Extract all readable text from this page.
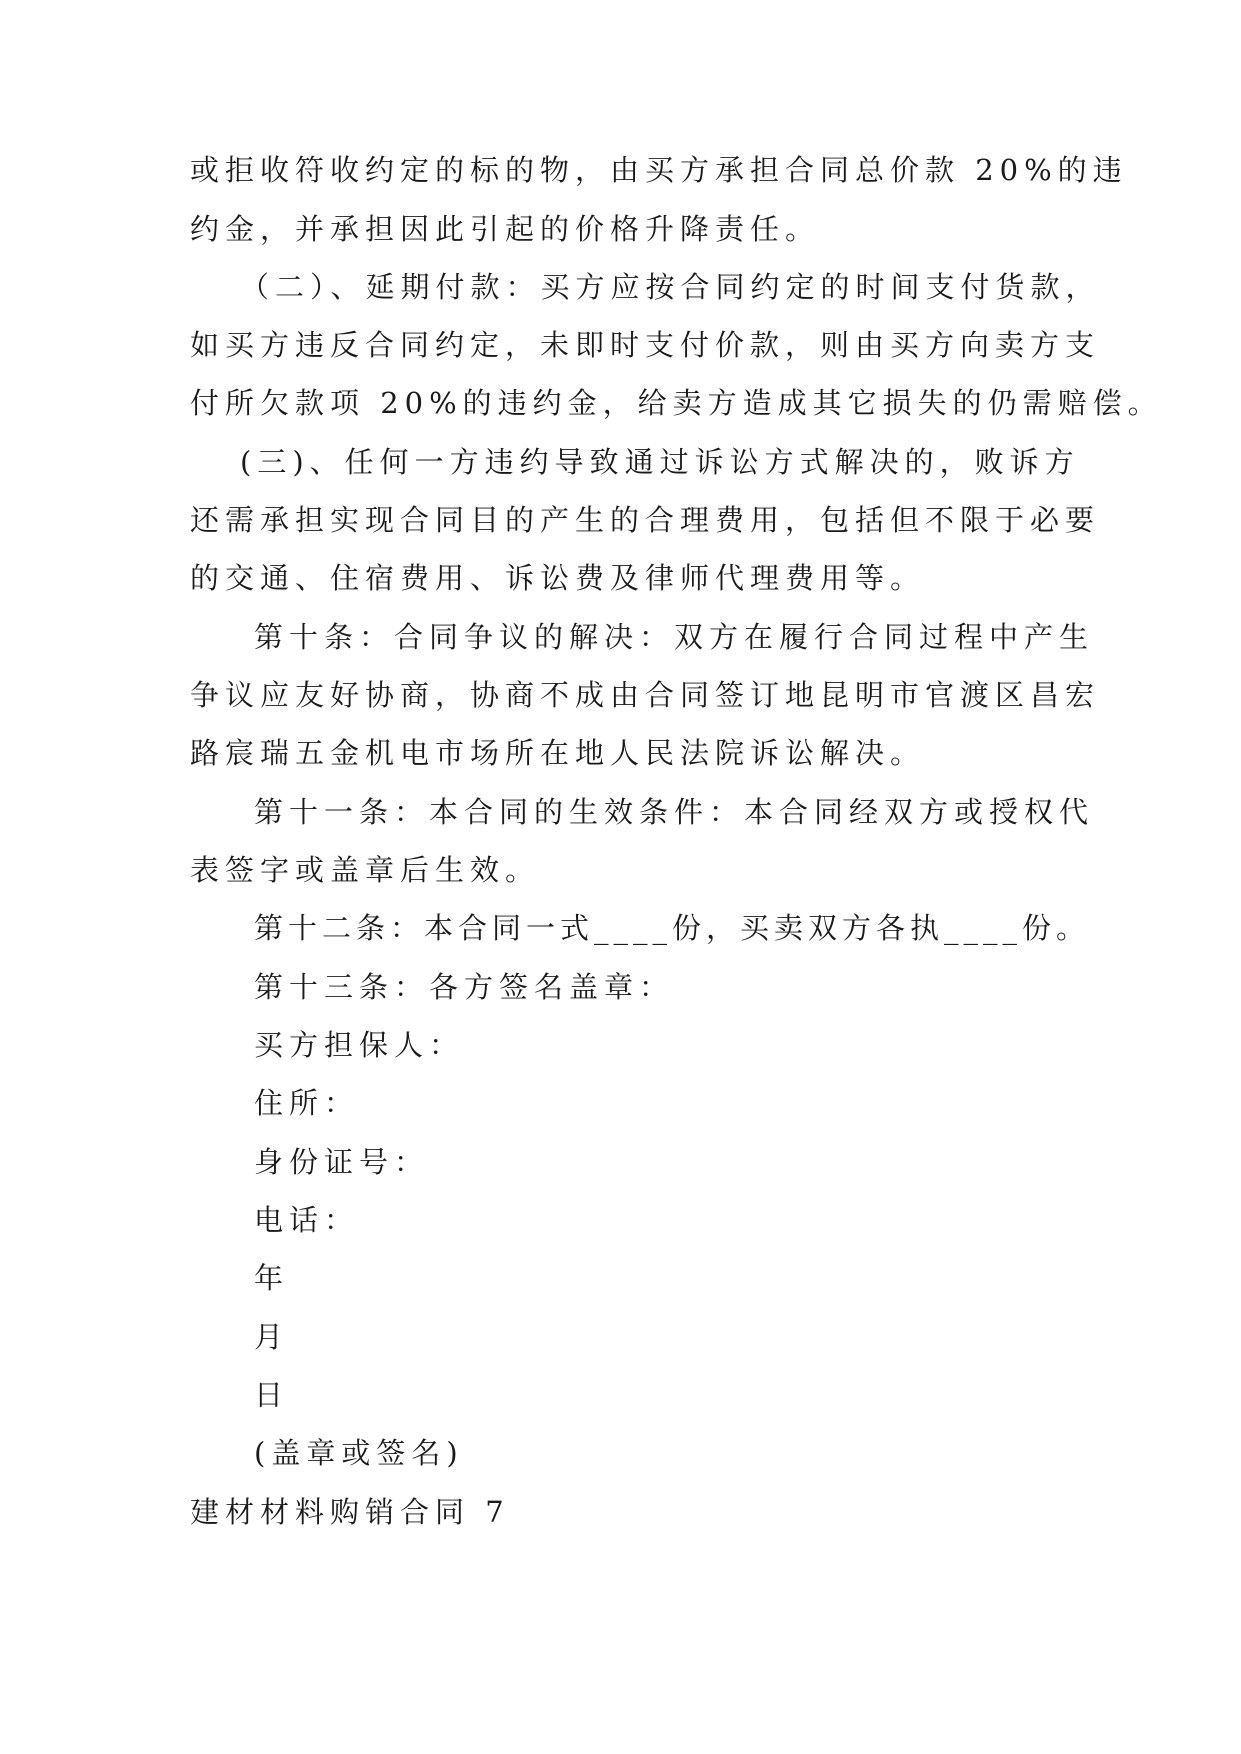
或拒收符收约定的标的物，由买方承担合同总价款 20%的违
约金，并承担因此引起的价格升降责任。
（二）、延期付款：买方应按合同约定的时间支付货款，
如买方违反合同约定，未即时支付价款，则由买方向卖方支
付所欠款项 20%的违约金，给卖方造成其它损失的仍需赔偿。
(三)、任何一方违约导致通过诉讼方式解决的，败诉方
还需承担实现合同目的产生的合理费用，包括但不限于必要
的交通、住宿费用、诉讼费及律师代理费用等。
第十条：合同争议的解决：双方在履行合同过程中产生
争议应友好协商，协商不成由合同签订地昆明市官渡区昌宏
路宸瑞五金机电市场所在地人民法院诉讼解决。
第十一条：本合同的生效条件：本合同经双方或授权代
表签字或盖章后生效。
第十二条：本合同一式____份，买卖双方各执____份。
第十三条：各方签名盖章：
买方担保人：
住所：
身份证号：
电话：
年
月
日
(盖章或签名)
建材材料购销合同 7
